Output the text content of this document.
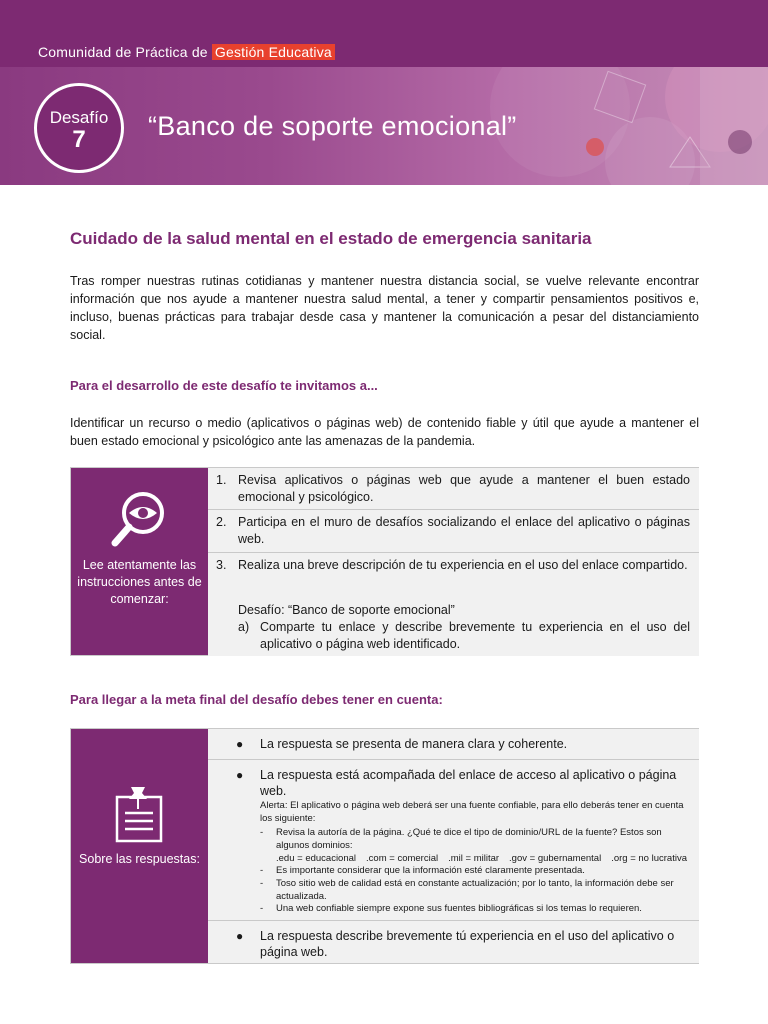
Comunidad de Práctica de Gestión Educativa
Desafío
7	“Banco de soporte emocional”
Cuidado de la salud mental en el estado de emergencia sanitaria
Tras romper nuestras rutinas cotidianas y mantener nuestra distancia social, se vuelve relevante encontrar información que nos ayude a mantener nuestra salud mental, a tener y compartir pensamientos positivos e, incluso, buenas prácticas para trabajar desde casa y mantener la comunicación a pesar del distanciamiento social.
Para el desarrollo de este desafío te invitamos a...
Identificar un recurso o medio (aplicativos o páginas web) de contenido fiable y útil que ayude a mantener el buen estado emocional y psicológico ante las amenazas de la pandemia.
Lee atentamente las instrucciones antes de comenzar:
1. Revisa aplicativos o páginas web que ayude a mantener el buen estado emocional y psicológico.
2. Participa en el muro de desafíos socializando el enlace del aplicativo o páginas web.
3. Realiza una breve descripción de tu experiencia en el uso del enlace compartido.
Desafío: “Banco de soporte emocional”
a) Comparte tu enlace y describe brevemente tu experiencia en el uso del aplicativo o página web identificado.
Para llegar a la meta final del desafío debes tener en cuenta:
Sobre las respuestas:
● La respuesta se presenta de manera clara y coherente.
● La respuesta está acompañada del enlace de acceso al aplicativo o página web.
Alerta: El aplicativo o página web deberá ser una fuente confiable, para ello deberás tener en cuenta los siguiente:
- Revisa la autoría de la página. ¿Qué te dice el tipo de dominio/URL de la fuente? Estos son algunos dominios:
.edu = educacional .com = comercial .mil = militar .gov = gubernamental .org = no lucrativa
- Es importante considerar que la información esté claramente presentada.
- Toso sitio web de calidad está en constante actualización; por lo tanto, la información debe ser actualizada.
- Una web confiable siempre expone sus fuentes bibliográficas si los temas lo requieren.
● La respuesta describe brevemente tú experiencia en el uso del aplicativo o página web.
